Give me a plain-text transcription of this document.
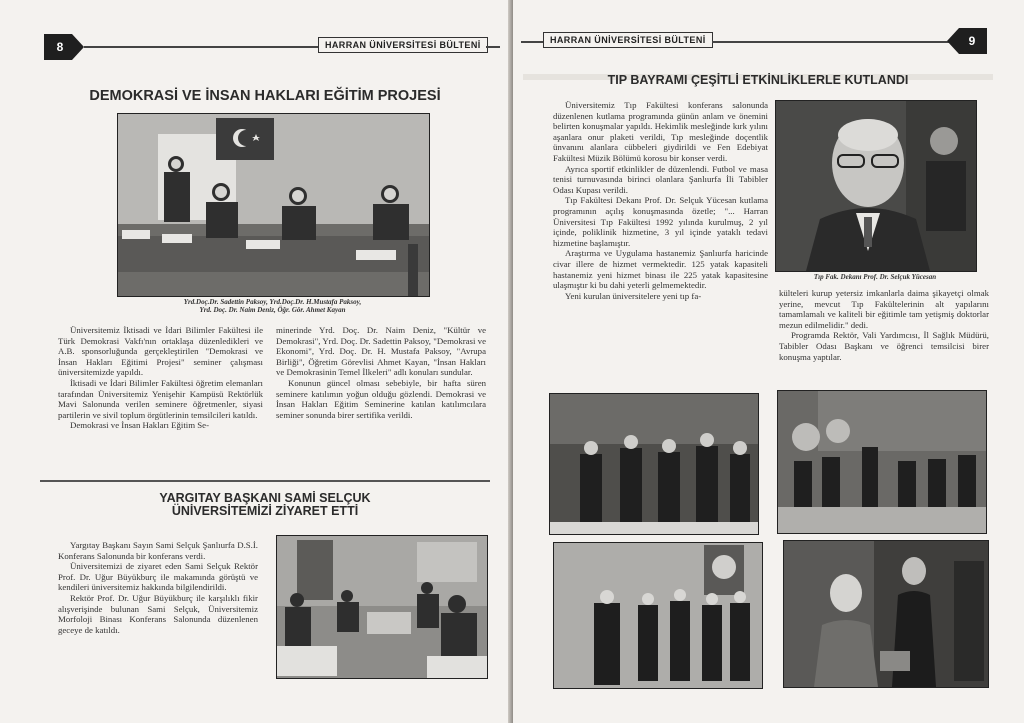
8	HARRAN ÜNİVERSİTESİ BÜLTENİ
DEMOKRASİ VE İNSAN HAKLARI EĞİTİM PROJESİ
Yrd.Doç.Dr. Sadettin Paksoy, Yrd.Doç.Dr. H.Mustafa Paksoy,
Yrd. Doç. Dr. Naim Deniz, Öğr. Gör. Ahmet Kayan

Üniversitemiz İktisadi ve İdari Bilimler Fakültesi ile Türk Demokrasi Vakfı'nın ortaklaşa düzenledikleri ve A.B. sponsorluğunda gerçekleştirilen "Demokrasi ve İnsan Hakları Eğitimi Projesi" seminer çalışması üniversitemizde yapıldı.

İktisadi ve İdari Bilimler Fakültesi öğretim elemanları tarafından Üniversitemiz Yenişehir Kampüsü Rektörlük Mavi Salonunda verilen seminere öğretmenler, siyasi partilerin ve sivil toplum örgütlerinin temsilcileri katıldı.

Demokrasi ve İnsan Hakları Eğitim Se-

minerinde Yrd. Doç. Dr. Naim Deniz, "Kültür ve Demokrasi", Yrd. Doç. Dr. Sadettin Paksoy, "Demokrasi ve Ekonomi", Yrd. Doç. Dr. H. Mustafa Paksoy, "Avrupa Birliği", Öğretim Görevlisi Ahmet Kayan, "İnsan Hakları ve Demokrasinin Temel İlkeleri" adlı konuları sundular.

Konunun güncel olması sebebiyle, bir hafta süren seminere katılımın yoğun olduğu gözlendi. Demokrasi ve İnsan Hakları Eğitim Seminerine katılan katılımcılara seminer sonunda birer sertifika verildi.

YARGITAY BAŞKANI SAMİ SELÇUK
ÜNİVERSİTEMİZİ ZİYARET ETTİ

Yargıtay Başkanı Sayın Sami Selçuk Şanlıurfa D.S.İ. Konferans Salonunda bir konferans verdi.

Üniversitemizi de ziyaret eden Sami Selçuk Rektör Prof. Dr. Uğur Büyükburç ile makamında görüştü ve kendileri üniversitemiz hakkında bilgilendirildi.

Rektör Prof. Dr. Uğur Büyükburç ile karşılıklı fikir alışverişinde bulunan Sami Selçuk, Üniversitemiz Morfoloji Binası Konferans Salonunda düzenlenen geceye de katıldı.

HARRAN ÜNİVERSİTESİ BÜLTENİ	9
TIP BAYRAMI ÇEŞİTLİ ETKİNLİKLERLE KUTLANDI

Üniversitemiz Tıp Fakültesi konferans salonunda düzenlenen kutlama programında günün anlam ve önemini belirten konuşmalar yapıldı. Hekimlik mesleğinde kırk yılını aşanlara onur plaketi verildi, Tıp mesleğinde doçentlik ünvanını alanlara cübbeleri giydirildi ve Fen Edebiyat Fakültesi Müzik Bölümü korosu bir konser verdi.

Ayrıca sportif etkinlikler de düzenlendi. Futbol ve masa tenisi turnuvasında birinci olanlara Şanlıurfa İli Tabibler Odası Kupası verildi.

Tıp Fakültesi Dekanı Prof. Dr. Selçuk Yücesan kutlama programının açılış konuşmasında özetle; "... Harran Üniversitesi Tıp Fakültesi 1992 yılında kurulmuş, 2 yıl içinde, poliklinik hizmetine, 3 yıl içinde yataklı tedavi hizmetine başlamıştır.

Araştırma ve Uygulama hastanemiz Şanlıurfa haricinde civar illere de hizmet vermektedir. 125 yatak kapasiteli hastanemiz yeni hizmet binası ile 225 yatak kapasitesine ulaşmıştır ki bu dahi yeterli gelmemektedir.

Yeni kurulan üniversitelere yeni tıp fa-

Tıp Fak. Dekanı Prof. Dr. Selçuk Yücesan

külteleri kurup yetersiz imkanlarla daima şikayetçi olmak yerine, mevcut Tıp Fakültelerinin alt yapılarını tamamlamalı ve kaliteli bir eğitimle tam yetişmiş doktorlar mezun edilmelidir." dedi.

Programda Rektör, Vali Yardımcısı, İl Sağlık Müdürü, Tabibler Odası Başkanı ve öğrenci temsilcisi birer konuşma yaptılar.
